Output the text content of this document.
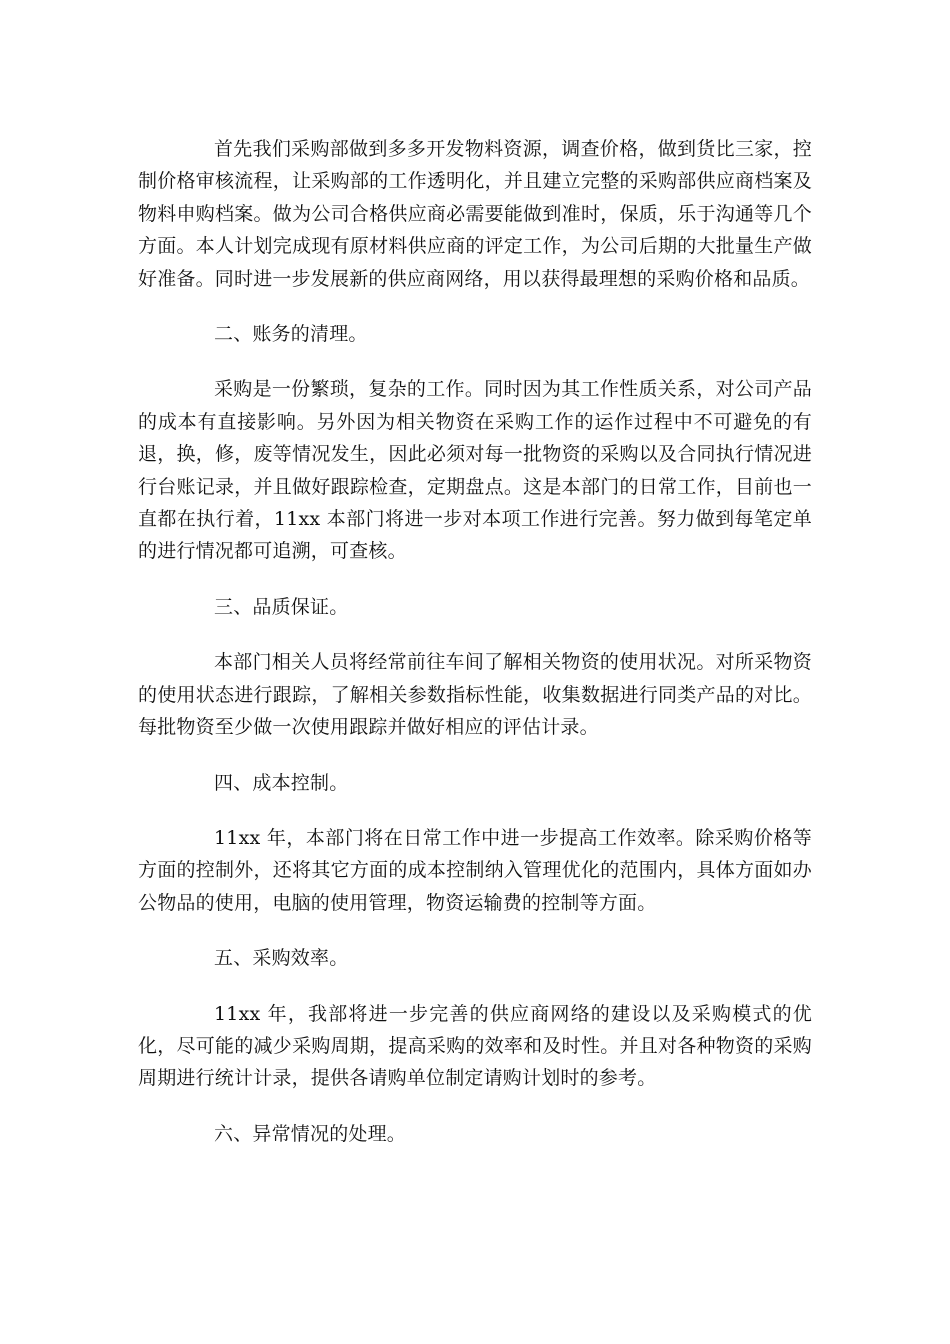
首先我们采购部做到多多开发物料资源，调查价格，做到货比三家，控制价格审核流程，让采购部的工作透明化，并且建立完整的采购部供应商档案及物料申购档案。做为公司合格供应商必需要能做到准时，保质，乐于沟通等几个方面。本人计划完成现有原材料供应商的评定工作，为公司后期的大批量生产做好准备。同时进一步发展新的供应商网络，用以获得最理想的采购价格和品质。

二、账务的清理。

采购是一份繁琐，复杂的工作。同时因为其工作性质关系，对公司产品的成本有直接影响。另外因为相关物资在采购工作的运作过程中不可避免的有退，换，修，废等情况发生，因此必须对每一批物资的采购以及合同执行情况进行台账记录，并且做好跟踪检查，定期盘点。这是本部门的日常工作，目前也一直都在执行着，11xx 本部门将进一步对本项工作进行完善。努力做到每笔定单的进行情况都可追溯，可查核。

三、品质保证。

本部门相关人员将经常前往车间了解相关物资的使用状况。对所采物资的使用状态进行跟踪，了解相关参数指标性能，收集数据进行同类产品的对比。每批物资至少做一次使用跟踪并做好相应的评估计录。

四、成本控制。

11xx 年，本部门将在日常工作中进一步提高工作效率。除采购价格等方面的控制外，还将其它方面的成本控制纳入管理优化的范围内，具体方面如办公物品的使用，电脑的使用管理，物资运输费的控制等方面。

五、采购效率。

11xx 年，我部将进一步完善的供应商网络的建设以及采购模式的优化，尽可能的减少采购周期，提高采购的效率和及时性。并且对各种物资的采购周期进行统计计录，提供各请购单位制定请购计划时的参考。

六、异常情况的处理。
